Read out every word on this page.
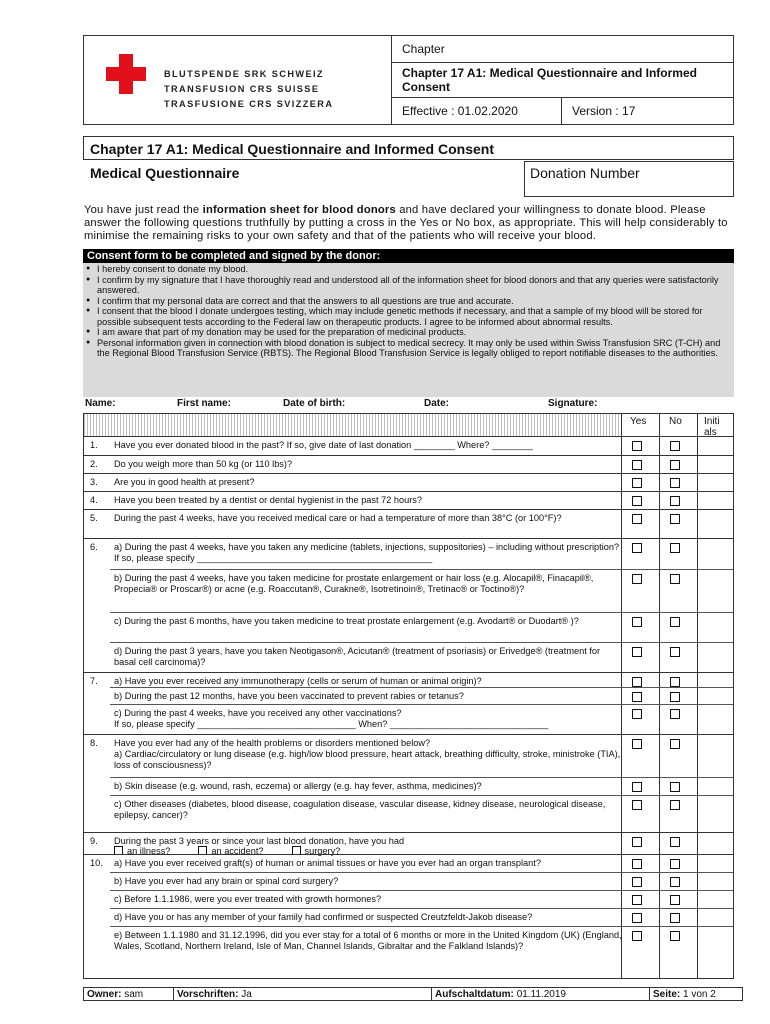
BLUTSPENDE SRK SCHWEIZ
TRANSFUSION CRS SUISSE
TRASFUSIONE CRS SVIZZERA
Chapter
Chapter 17 A1: Medical Questionnaire and Informed Consent
Effective : 01.02.2020	Version : 17
Chapter 17 A1: Medical Questionnaire and Informed Consent
Medical Questionnaire	Donation Number
You have just read the information sheet for blood donors and have declared your willingness to donate blood. Please answer the following questions truthfully by putting a cross in the Yes or No box, as appropriate. This will help considerably to minimise the remaining risks to your own safety and that of the patients who will receive your blood.
Consent form to be completed and signed by the donor:
● I hereby consent to donate my blood.
● I confirm by my signature that I have thoroughly read and understood all of the information sheet for blood donors and that any queries were satisfactorily answered.
● I confirm that my personal data are correct and that the answers to all questions are true and accurate.
● I consent that the blood I donate undergoes testing, which may include genetic methods if necessary, and that a sample of my blood will be stored for possible subsequent tests according to the Federal law on therapeutic products. I agree to be informed about abnormal results.
● I am aware that part of my donation may be used for the preparation of medicinal products.
● Personal information given in connection with blood donation is subject to medical secrecy. It may only be used within Swiss Transfusion SRC (T-CH) and the Regional Blood Transfusion Service (RBTS). The Regional Blood Transfusion Service is legally obliged to report notifiable diseases to the authorities.
Name:	First name:	Date of birth:	Date:	Signature:
Yes No Initi als
1. Have you ever donated blood in the past? If so, give date of last donation ________ Where? ________
2. Do you weigh more than 50 kg (or 110 lbs)?
3. Are you in good health at present?
4. Have you been treated by a dentist or dental hygienist in the past 72 hours?
5. During the past 4 weeks, have you received medical care or had a temperature of more than 38°C (or 100°F)?
6. a) During the past 4 weeks, have you taken any medicine (tablets, injections, suppositories) – including without prescription? If so, please specify ______________________________________________
b) During the past 4 weeks, have you taken medicine for prostate enlargement or hair loss (e.g. Alocapil®, Finacapil®, Propecia® or Proscar®) or acne (e.g. Roaccutan®, Curakne®, Isotretinoin®, Tretinac® or Toctino®)?
c) During the past 6 months, have you taken medicine to treat prostate enlargement (e.g. Avodart® or Duodart® )?
d) During the past 3 years, have you taken Neotigason®, Acicutan® (treatment of psoriasis) or Erivedge® (treatment for basal cell carcinoma)?
7. a) Have you ever received any immunotherapy (cells or serum of human or animal origin)?
b) During the past 12 months, have you been vaccinated to prevent rabies or tetanus?
c) During the past 4 weeks, have you received any other vaccinations?
If so, please specify _______________________________ When? _______________________________
8. Have you ever had any of the health problems or disorders mentioned below?
a) Cardiac/circulatory or lung disease (e.g. high/low blood pressure, heart attack, breathing difficulty, stroke, ministroke (TIA), loss of consciousness)?
b) Skin disease (e.g. wound, rash, eczema) or allergy (e.g. hay fever, asthma, medicines)?
c) Other diseases (diabetes, blood disease, coagulation disease, vascular disease, kidney disease, neurological disease, epilepsy, cancer)?
9. During the past 3 years or since your last blood donation, have you had
an illness?	an accident?	surgery?
10. a) Have you ever received graft(s) of human or animal tissues or have you ever had an organ transplant?
b) Have you ever had any brain or spinal cord surgery?
c) Before 1.1.1986, were you ever treated with growth hormones?
d) Have you or has any member of your family had confirmed or suspected Creutzfeldt-Jakob disease?
e) Between 1.1.1980 and 31.12.1996, did you ever stay for a total of 6 months or more in the United Kingdom (UK) (England, Wales, Scotland, Northern Ireland, Isle of Man, Channel Islands, Gibraltar and the Falkland Islands)?
Owner: sam	Vorschriften: Ja	Aufschaltdatum: 01.11.2019	Seite: 1 von 2
